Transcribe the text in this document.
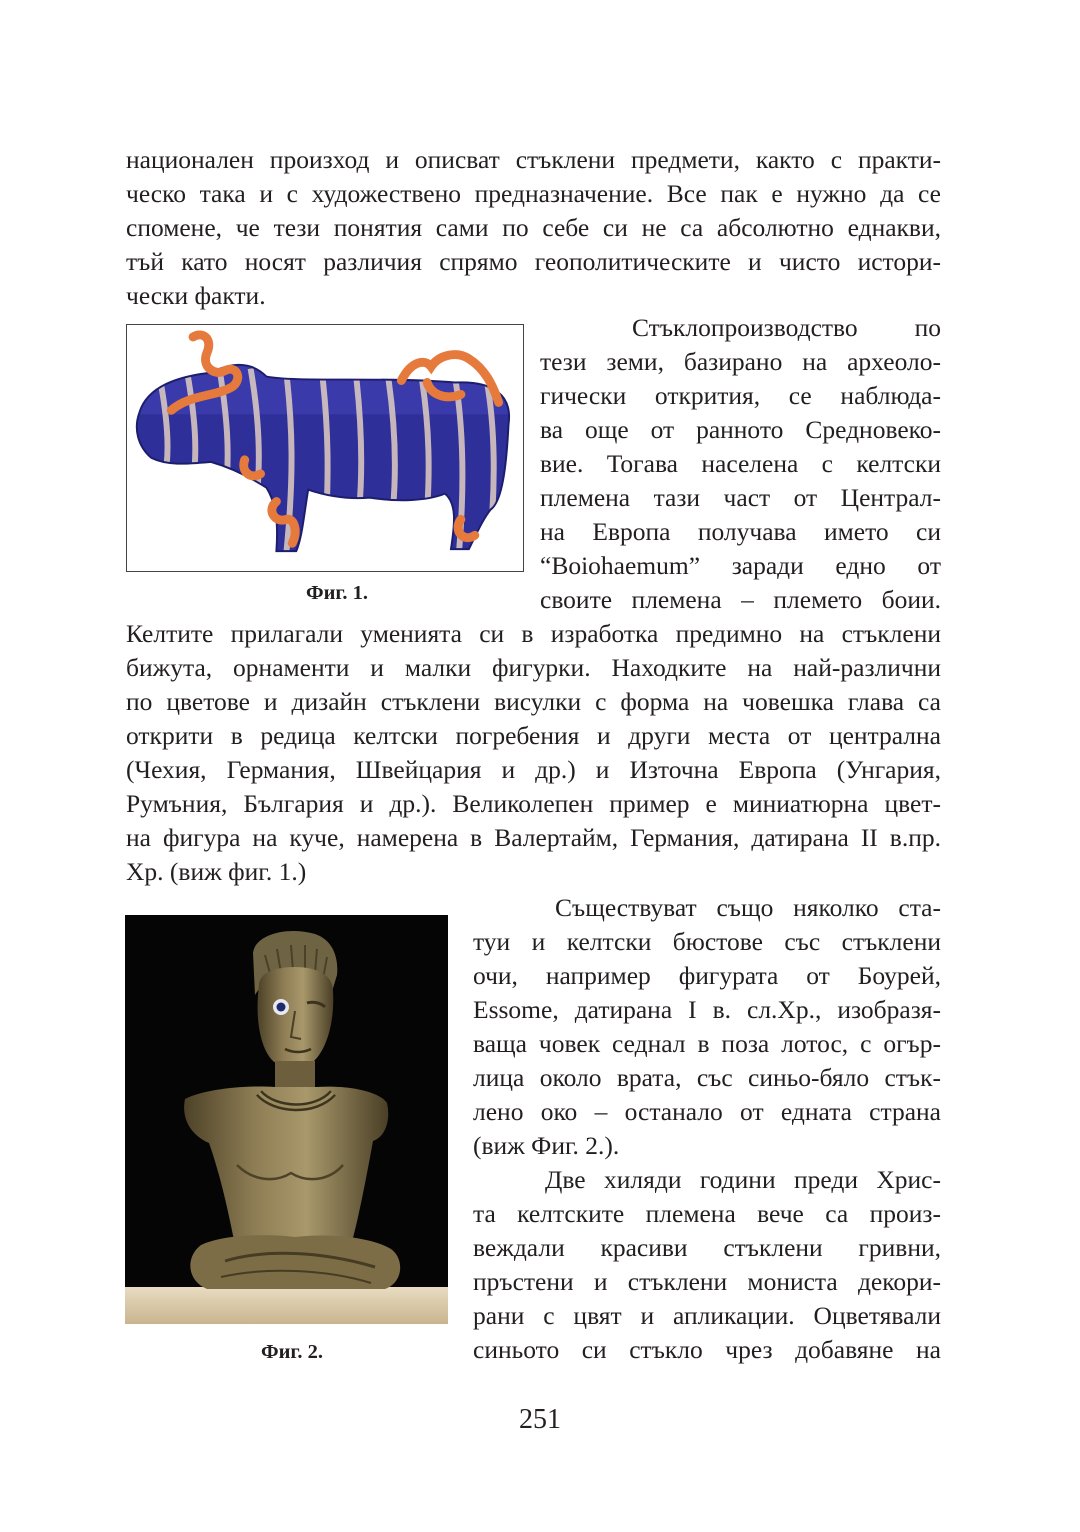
национален произход и описват стъклени предмети, както с практи-
ческо така и с художествено предназначение. Все пак е нужно да се
спомене, че тези понятия сами по себе си не са абсолютно еднакви,
тъй като носят различия спрямо геополитическите и чисто истори-
чески факти.
Фиг. 1.
Стъклопроизводство по
тези земи, базирано на археоло-
гически открития, се наблюда-
ва още от ранното Средновеко-
вие. Тогава населена с келтски
племена тази част от Централ-
на Европа получава името си
“Boiohaemum” заради едно от
своите племена – племето боии.
Келтите прилагали уменията си в изработка предимно на стъклени
бижута, орнаменти и малки фигурки. Находките на най-различни
по цветове и дизайн стъклени висулки с форма на човешка глава са
открити в редица келтски погребения и други места от централна
(Чехия, Германия, Швейцария и др.) и Източна Европа (Унгария,
Румъния, България и др.). Великолепен пример е миниатюрна цвет-
на фигура на куче, намерена в Валертайм, Германия, датирана II в.пр.
Хр. (виж фиг. 1.)
Фиг. 2.
Съществуват също няколко ста-
туи и келтски бюстове със стъклени
очи, например фигурата от Боурей,
Essome, датирана I в. сл.Хр., изобразя-
ваща човек седнал в поза лотос, с огър-
лица около врата, със синьо-бяло стък-
лено око – останало от едната страна
(виж Фиг. 2.).
Две хиляди години преди Хрис-
та келтските племена вече са произ-
веждали красиви стъклени гривни,
пръстени и стъклени мониста декори-
рани с цвят и апликации. Оцветявали
синьото си стъкло чрез добавяне на
251
